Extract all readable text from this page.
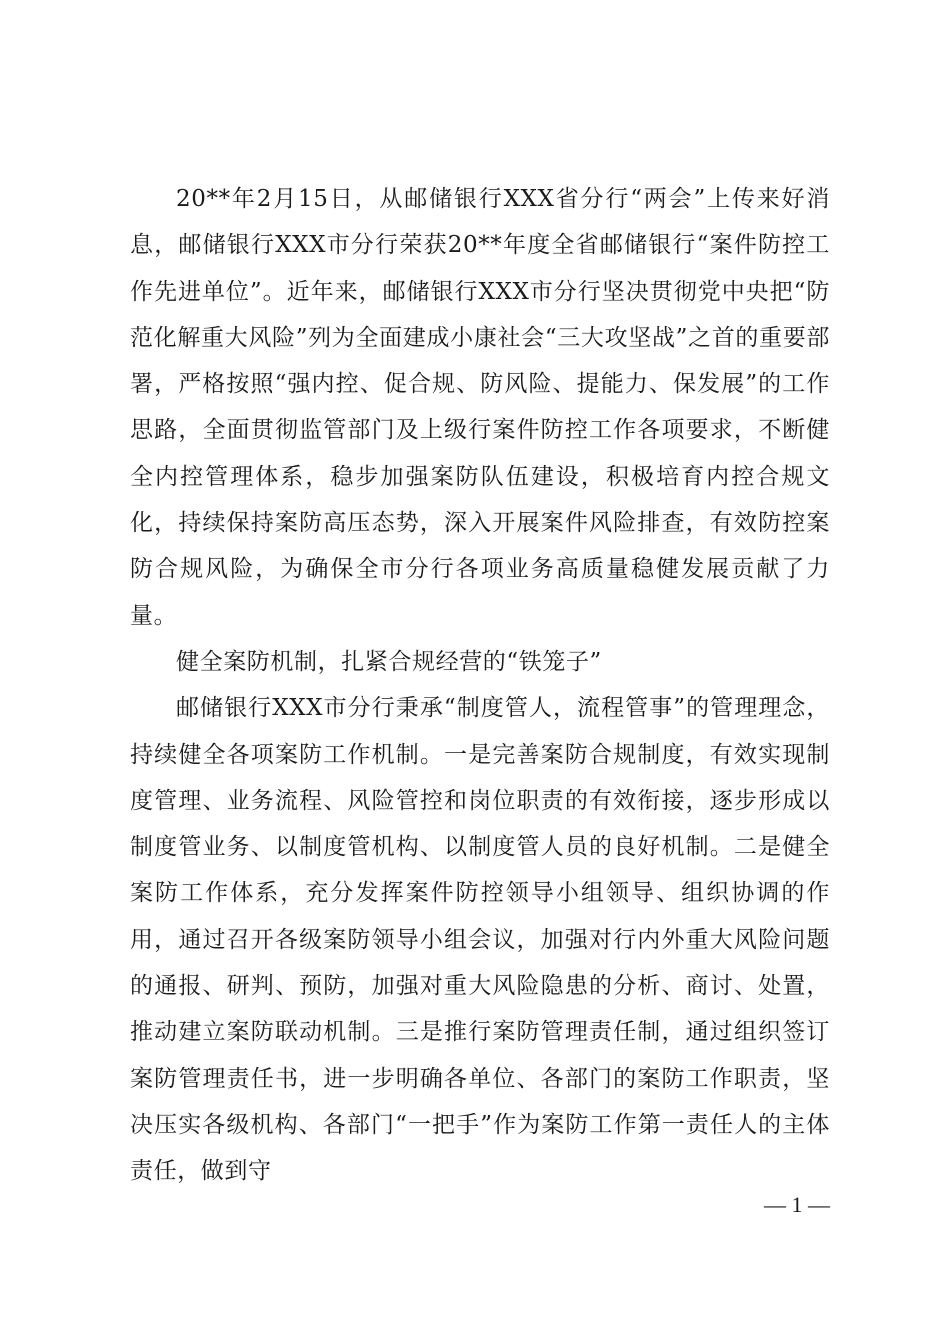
20**年2月15日，从邮储银行XXX省分行“两会”上传来好消息，邮储银行XXX市分行荣获20**年度全省邮储银行“案件防控工作先进单位”。近年来，邮储银行XXX市分行坚决贯彻党中央把“防范化解重大风险”列为全面建成小康社会“三大攻坚战”之首的重要部署，严格按照“强内控、促合规、防风险、提能力、保发展”的工作思路，全面贯彻监管部门及上级行案件防控工作各项要求，不断健全内控管理体系，稳步加强案防队伍建设，积极培育内控合规文化，持续保持案防高压态势，深入开展案件风险排查，有效防控案防合规风险，为确保全市分行各项业务高质量稳健发展贡献了力量。

健全案防机制，扎紧合规经营的“铁笼子”

邮储银行XXX市分行秉承“制度管人，流程管事”的管理理念，持续健全各项案防工作机制。一是完善案防合规制度，有效实现制度管理、业务流程、风险管控和岗位职责的有效衔接，逐步形成以制度管业务、以制度管机构、以制度管人员的良好机制。二是健全案防工作体系，充分发挥案件防控领导小组领导、组织协调的作用，通过召开各级案防领导小组会议，加强对行内外重大风险问题的通报、研判、预防，加强对重大风险隐患的分析、商讨、处置，推动建立案防联动机制。三是推行案防管理责任制，通过组织签订案防管理责任书，进一步明确各单位、各部门的案防工作职责，坚决压实各级机构、各部门“一把手”作为案防工作第一责任人的主体责任，做到守

— 1 —
